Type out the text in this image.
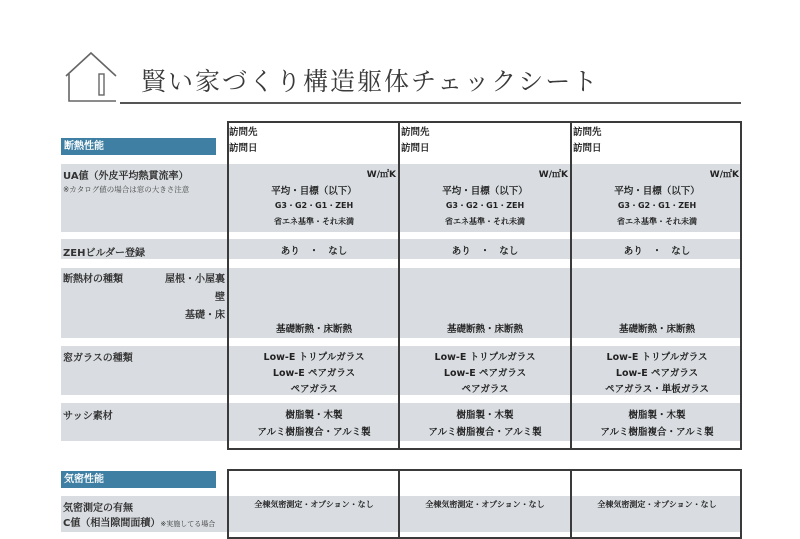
賢い家づくり構造躯体チェックシート
断熱性能
気密性能
UA値（外皮平均熱貫流率）
※カタログ値の場合は窓の大きさ注意
ZEHビルダー登録
断熱材の種類	屋根・小屋裏
壁
基礎・床
窓ガラスの種類
サッシ素材
気密測定の有無
C値（相当隙間面積）※実施してる場合
訪問先
訪問日
W/㎡K
平均・目標（以下）
G3・G2・G1・ZEH
省エネ基準・それ未満
あり　・　なし
基礎断熱・床断熱
Low-E トリプルガラス
Low-E ペアガラス
ペアガラス
樹脂製・木製
アルミ樹脂複合・アルミ製
全棟気密測定・オプション・なし
訪問先
訪問日
W/㎡K
平均・目標（以下）
G3・G2・G1・ZEH
省エネ基準・それ未満
あり　・　なし
基礎断熱・床断熱
Low-E トリプルガラス
Low-E ペアガラス
ペアガラス
樹脂製・木製
アルミ樹脂複合・アルミ製
全棟気密測定・オプション・なし
訪問先
訪問日
W/㎡K
平均・目標（以下）
G3・G2・G1・ZEH
省エネ基準・それ未満
あり　・　なし
基礎断熱・床断熱
Low-E トリプルガラス
Low-E ペアガラス
ペアガラス・単板ガラス
樹脂製・木製
アルミ樹脂複合・アルミ製
全棟気密測定・オプション・なし
